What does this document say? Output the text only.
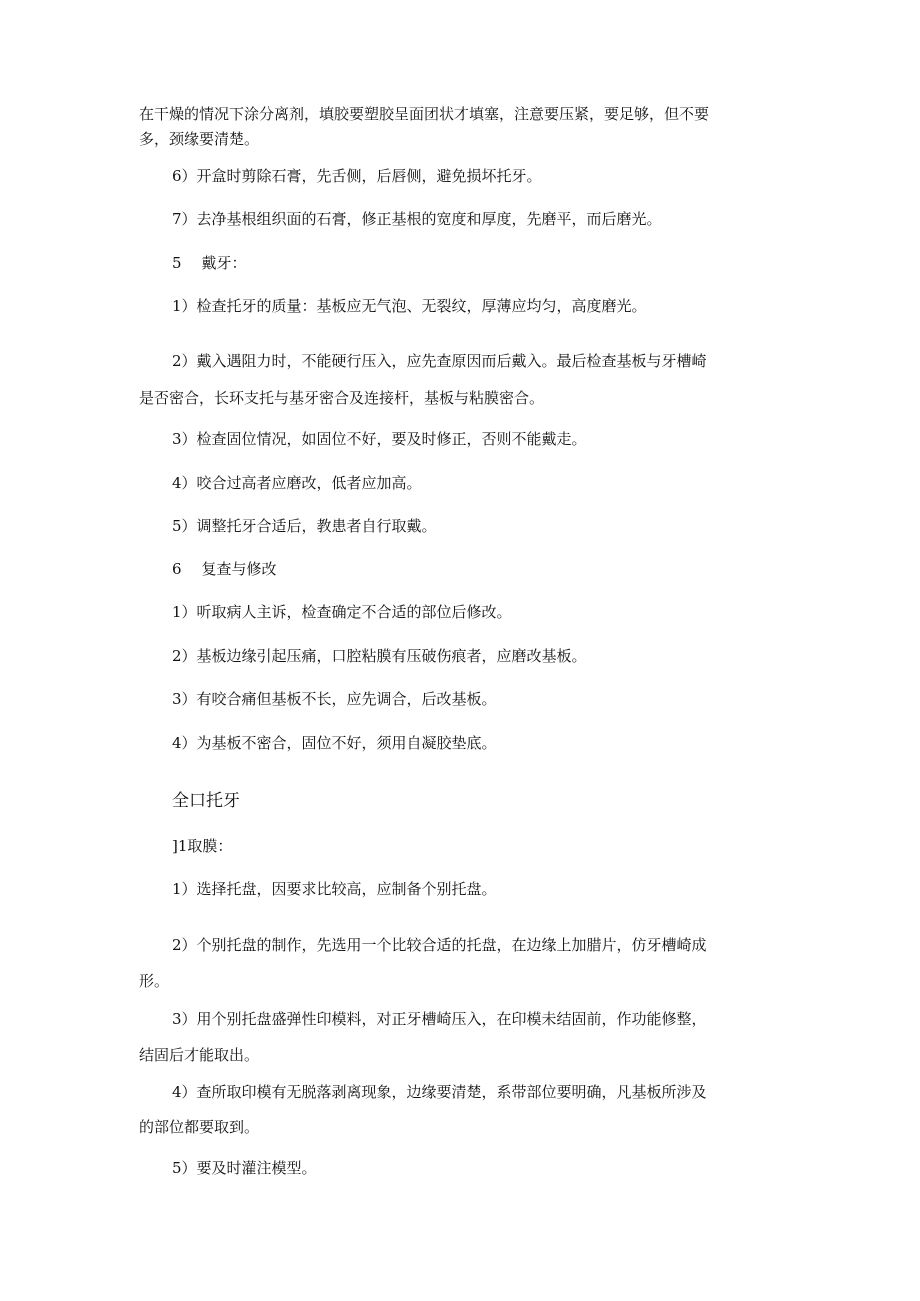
在干燥的情况下涂分离剂，填胶要塑胶呈面团状才填塞，注意要压紧，要足够，但不要
多，颈缘要清楚。
6）开盒时剪除石膏，先舌侧，后唇侧，避免损坏托牙。
7）去净基根组织面的石膏，修正基根的宽度和厚度，先磨平，而后磨光。
5 戴牙：
1）检查托牙的质量：基板应无气泡、无裂纹，厚薄应均匀，高度磨光。
2）戴入遇阻力时，不能硬行压入，应先查原因而后戴入。最后检查基板与牙槽崎
是否密合，长环支托与基牙密合及连接杆，基板与粘膜密合。
3）检查固位情况，如固位不好，要及时修正，否则不能戴走。
4）咬合过高者应磨改，低者应加高。
5）调整托牙合适后，教患者自行取戴。
6 复查与修改
1）听取病人主诉，检查确定不合适的部位后修改。
2）基板边缘引起压痛，口腔粘膜有压破伤痕者，应磨改基板。
3）有咬合痛但基板不长，应先调合，后改基板。
4）为基板不密合，固位不好，须用自凝胶垫底。
全口托牙
]1取膜：
1）选择托盘，因要求比较高，应制备个别托盘。
2）个别托盘的制作，先选用一个比较合适的托盘，在边缘上加腊片，仿牙槽崎成
形。
3）用个别托盘盛弹性印模料，对正牙槽崎压入，在印模未结固前，作功能修整，
结固后才能取出。
4）查所取印模有无脱落剥离现象，边缘要清楚，系带部位要明确，凡基板所涉及
的部位都要取到。
5）要及时灌注模型。
